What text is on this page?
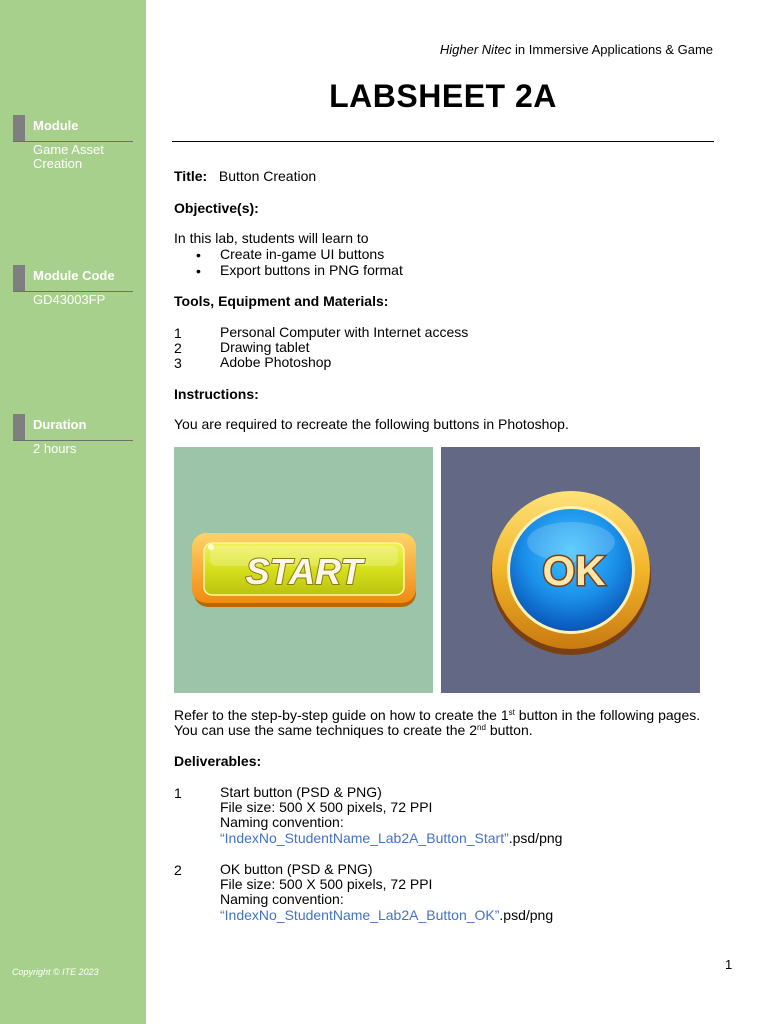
Module
Game Asset
Creation
Module Code
GD43003FP
Duration
2 hours
Copyright © ITE 2023
Higher Nitec in Immersive Applications & Game
LABSHEET 2A
Title: Button Creation
Objective(s):
In this lab, students will learn to
• Create in-game UI buttons
• Export buttons in PNG format
Tools, Equipment and Materials:
1	Personal Computer with Internet access
2	Drawing tablet
3	Adobe Photoshop
Instructions:
You are required to recreate the following buttons in Photoshop.
START	OK
Refer to the step-by-step guide on how to create the 1st button in the following pages.
You can use the same techniques to create the 2nd button.
Deliverables:
1	Start button (PSD & PNG)
File size: 500 X 500 pixels, 72 PPI
Naming convention:
“IndexNo_StudentName_Lab2A_Button_Start”.psd/png
2	OK button (PSD & PNG)
File size: 500 X 500 pixels, 72 PPI
Naming convention:
“IndexNo_StudentName_Lab2A_Button_OK”.psd/png
1
